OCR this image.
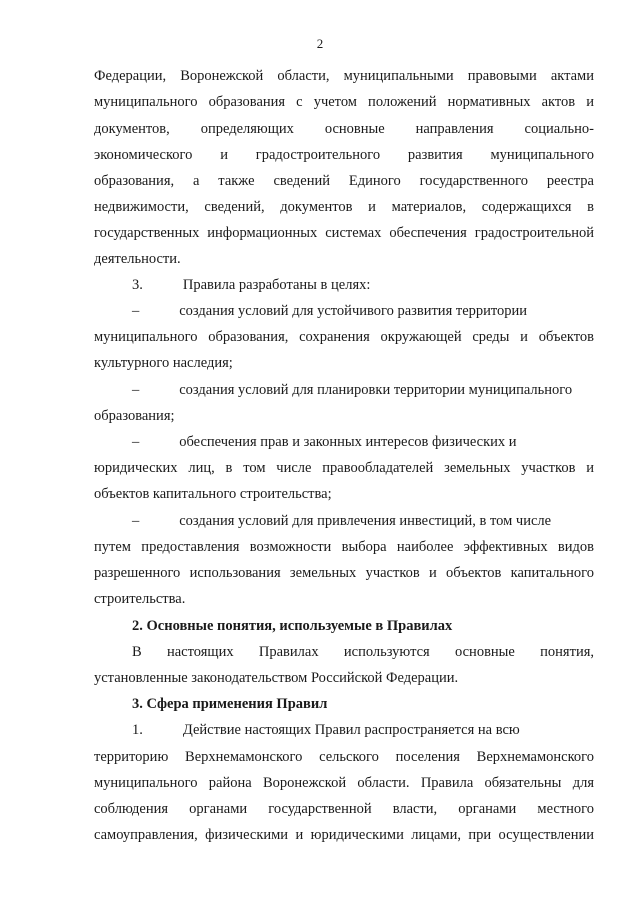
2
Федерации, Воронежской области, муниципальными правовыми актами
муниципального образования с учетом положений нормативных актов и
документов, определяющих основные направления социально-
экономического и градостроительного развития муниципального
образования, а также сведений Единого государственного реестра
недвижимости, сведений, документов и материалов, содержащихся в
государственных информационных системах обеспечения градостроительной
деятельности.
3.	Правила разработаны в целях:
–	создания условий для устойчивого развития территории
муниципального образования, сохранения окружающей среды и объектов
культурного наследия;
–	создания условий для планировки территории муниципального
образования;
–	обеспечения прав и законных интересов физических и
юридических лиц, в том числе правообладателей земельных участков и
объектов капитального строительства;
–	создания условий для привлечения инвестиций, в том числе
путем предоставления возможности выбора наиболее эффективных видов
разрешенного использования земельных участков и объектов капитального
строительства.
2. Основные понятия, используемые в Правилах
В настоящих Правилах используются основные понятия,
установленные законодательством Российской Федерации.
3. Сфера применения Правил
1.	Действие настоящих Правил распространяется на всю
территорию Верхнемамонского сельского поселения Верхнемамонского
муниципального района Воронежской области. Правила обязательны для
соблюдения органами государственной власти, органами местного
самоуправления, физическими и юридическими лицами, при осуществлении
